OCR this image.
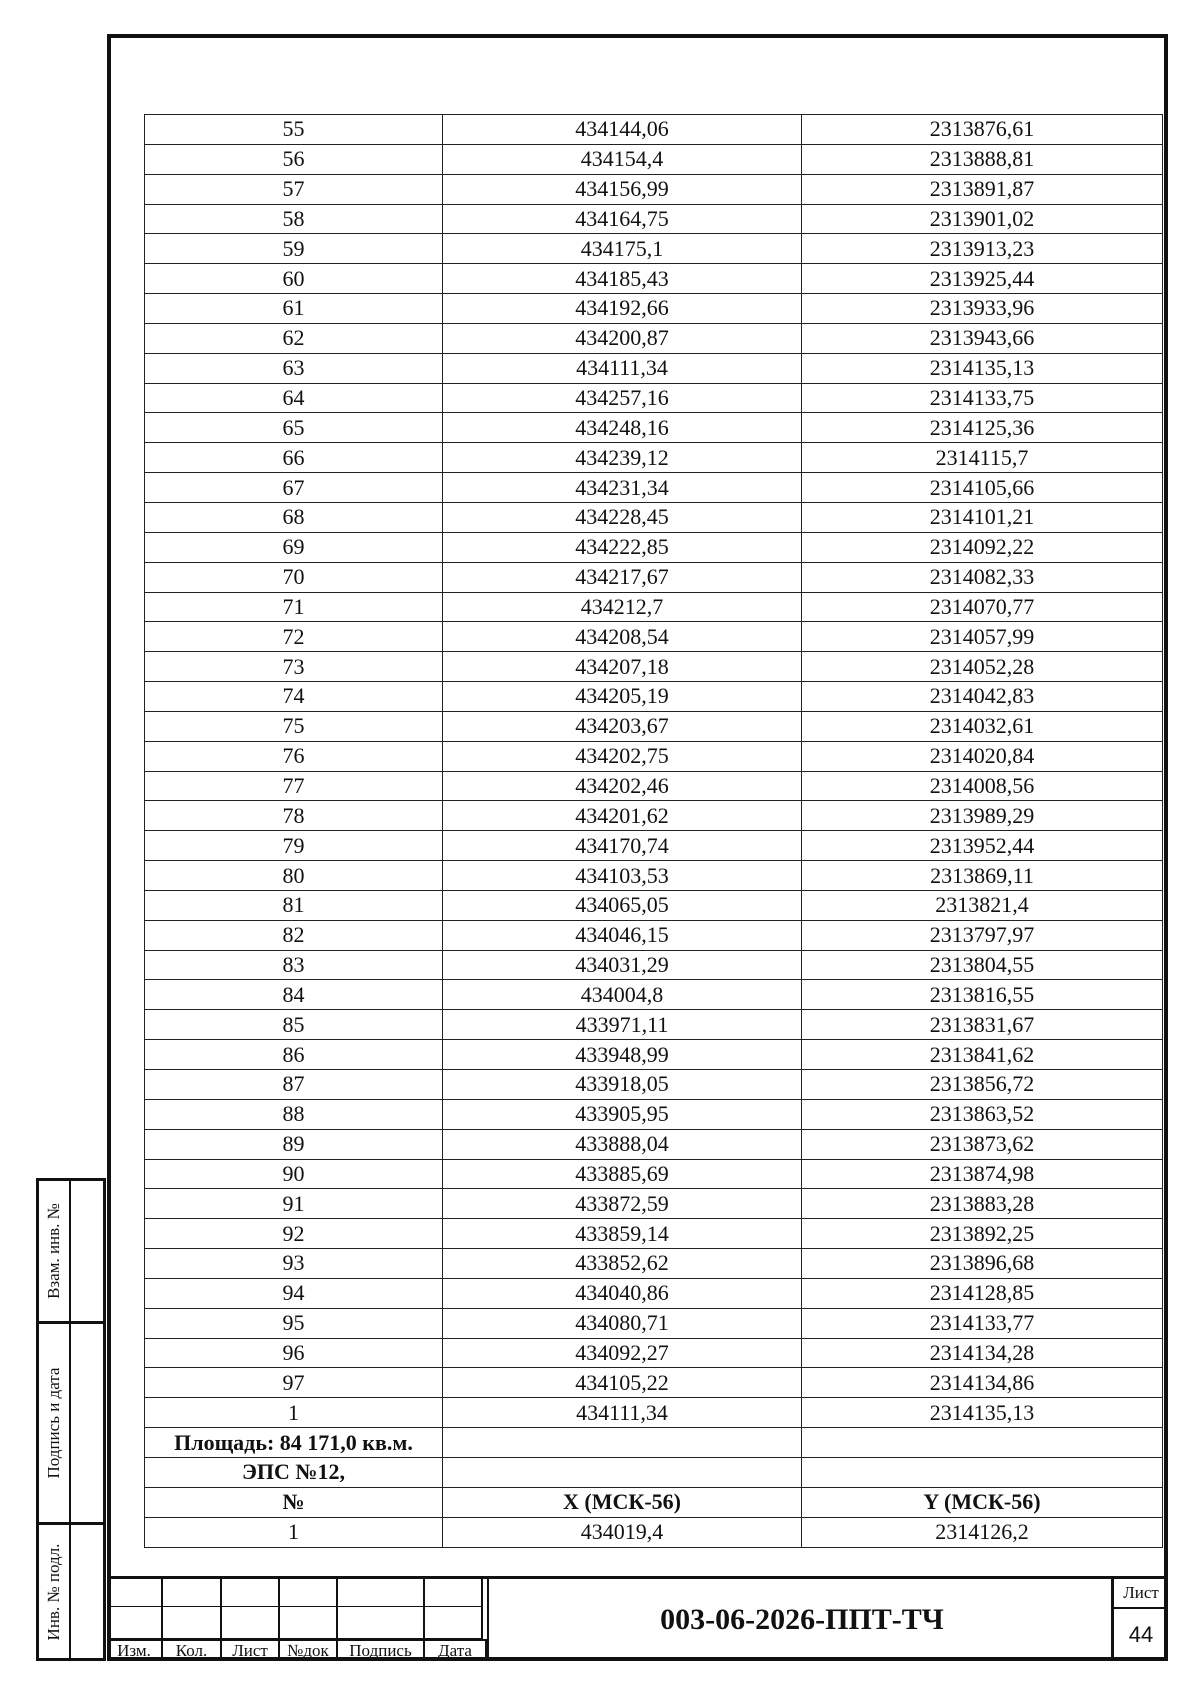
55	434144,06	2313876,61
56	434154,4	2313888,81
57	434156,99	2313891,87
58	434164,75	2313901,02
59	434175,1	2313913,23
60	434185,43	2313925,44
61	434192,66	2313933,96
62	434200,87	2313943,66
63	434111,34	2314135,13
64	434257,16	2314133,75
65	434248,16	2314125,36
66	434239,12	2314115,7
67	434231,34	2314105,66
68	434228,45	2314101,21
69	434222,85	2314092,22
70	434217,67	2314082,33
71	434212,7	2314070,77
72	434208,54	2314057,99
73	434207,18	2314052,28
74	434205,19	2314042,83
75	434203,67	2314032,61
76	434202,75	2314020,84
77	434202,46	2314008,56
78	434201,62	2313989,29
79	434170,74	2313952,44
80	434103,53	2313869,11
81	434065,05	2313821,4
82	434046,15	2313797,97
83	434031,29	2313804,55
84	434004,8	2313816,55
85	433971,11	2313831,67
86	433948,99	2313841,62
87	433918,05	2313856,72
88	433905,95	2313863,52
89	433888,04	2313873,62
90	433885,69	2313874,98
91	433872,59	2313883,28
92	433859,14	2313892,25
93	433852,62	2313896,68
94	434040,86	2314128,85
95	434080,71	2314133,77
96	434092,27	2314134,28
97	434105,22	2314134,86
1	434111,34	2314135,13
Площадь: 84 171,0 кв.м.		
ЭПС №12,		
№	X (МСК-56)	Y (МСК-56)
1	434019,4	2314126,2
Взам. инв. №
Подпись и дата
Инв. № подл.
Изм.	Кол.	Лист	№док	Подпись	Дата
003-06-2026-ППТ-ТЧ
Лист
44
